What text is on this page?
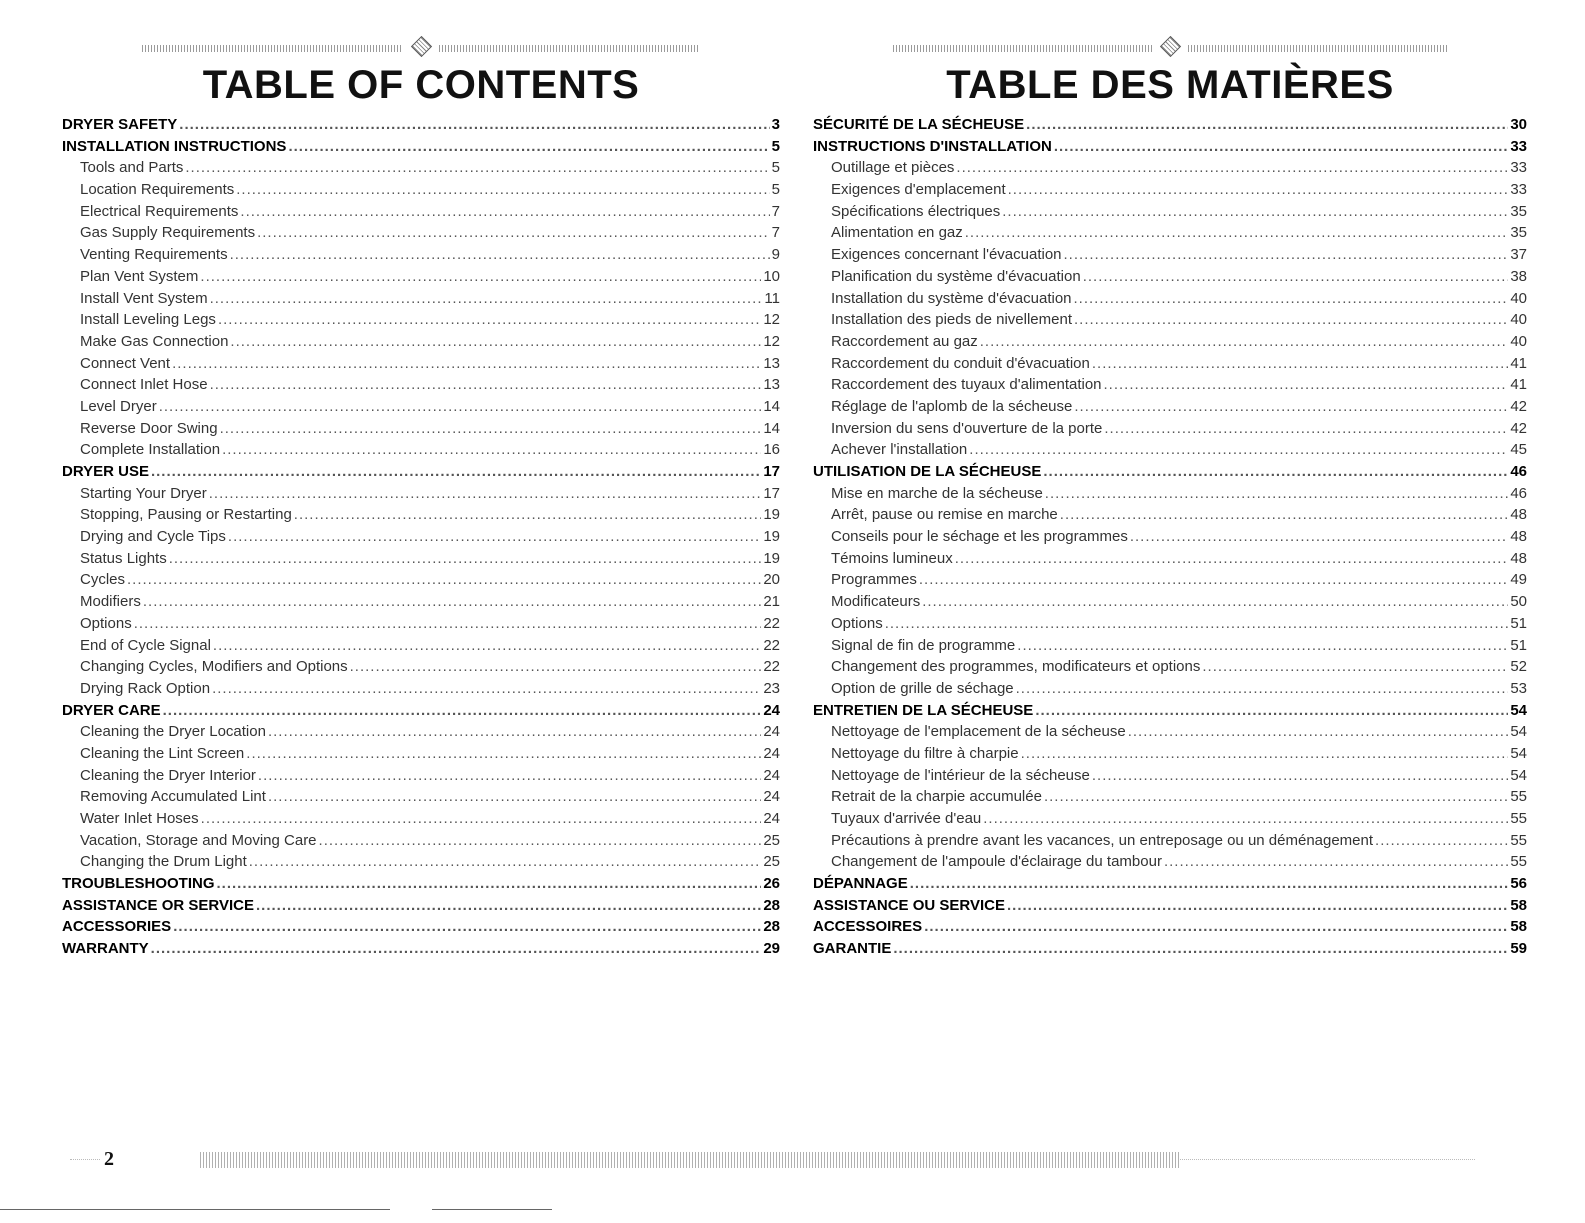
TABLE OF CONTENTS
DRYER SAFETY .....	3
INSTALLATION INSTRUCTIONS .....	5
Tools and Parts .....	5
Location Requirements .....	5
Electrical Requirements .....	7
Gas Supply Requirements .....	7
Venting Requirements .....	9
Plan Vent System .....	10
Install Vent System .....	11
Install Leveling Legs .....	12
Make Gas Connection .....	12
Connect Vent .....	13
Connect Inlet Hose .....	13
Level Dryer .....	14
Reverse Door Swing .....	14
Complete Installation .....	16
DRYER USE .....	17
Starting Your Dryer .....	17
Stopping, Pausing or Restarting .....	19
Drying and Cycle Tips .....	19
Status Lights .....	19
Cycles .....	20
Modifiers .....	21
Options .....	22
End of Cycle Signal .....	22
Changing Cycles, Modifiers and Options .....	22
Drying Rack Option .....	23
DRYER CARE .....	24
Cleaning the Dryer Location .....	24
Cleaning the Lint Screen .....	24
Cleaning the Dryer Interior .....	24
Removing Accumulated Lint .....	24
Water Inlet Hoses .....	24
Vacation, Storage and Moving Care .....	25
Changing the Drum Light .....	25
TROUBLESHOOTING .....	26
ASSISTANCE OR SERVICE .....	28
ACCESSORIES .....	28
WARRANTY .....	29
TABLE DES MATIÈRES
SÉCURITÉ DE LA SÉCHEUSE .....	30
INSTRUCTIONS D'INSTALLATION .....	33
Outillage et pièces .....	33
Exigences d'emplacement .....	33
Spécifications électriques .....	35
Alimentation en gaz .....	35
Exigences concernant l'évacuation .....	37
Planification du système d'évacuation .....	38
Installation du système d'évacuation .....	40
Installation des pieds de nivellement .....	40
Raccordement au gaz .....	40
Raccordement du conduit d'évacuation .....	41
Raccordement des tuyaux d'alimentation .....	41
Réglage de l'aplomb de la sécheuse .....	42
Inversion du sens d'ouverture de la porte .....	42
Achever l'installation .....	45
UTILISATION DE LA SÉCHEUSE .....	46
Mise en marche de la sécheuse .....	46
Arrêt, pause ou remise en marche .....	48
Conseils pour le séchage et les programmes .....	48
Témoins lumineux .....	48
Programmes .....	49
Modificateurs .....	50
Options .....	51
Signal de fin de programme .....	51
Changement des programmes, modificateurs et options .....	52
Option de grille de séchage .....	53
ENTRETIEN DE LA SÉCHEUSE .....	54
Nettoyage de l'emplacement de la sécheuse .....	54
Nettoyage du filtre à charpie .....	54
Nettoyage de l'intérieur de la sécheuse .....	54
Retrait de la charpie accumulée .....	55
Tuyaux d'arrivée d'eau .....	55
Précautions à prendre avant les vacances, un entreposage ou un déménagement .....	55
Changement de l'ampoule d'éclairage du tambour .....	55
DÉPANNAGE .....	56
ASSISTANCE OU SERVICE .....	58
ACCESSOIRES .....	58
GARANTIE .....	59
2
